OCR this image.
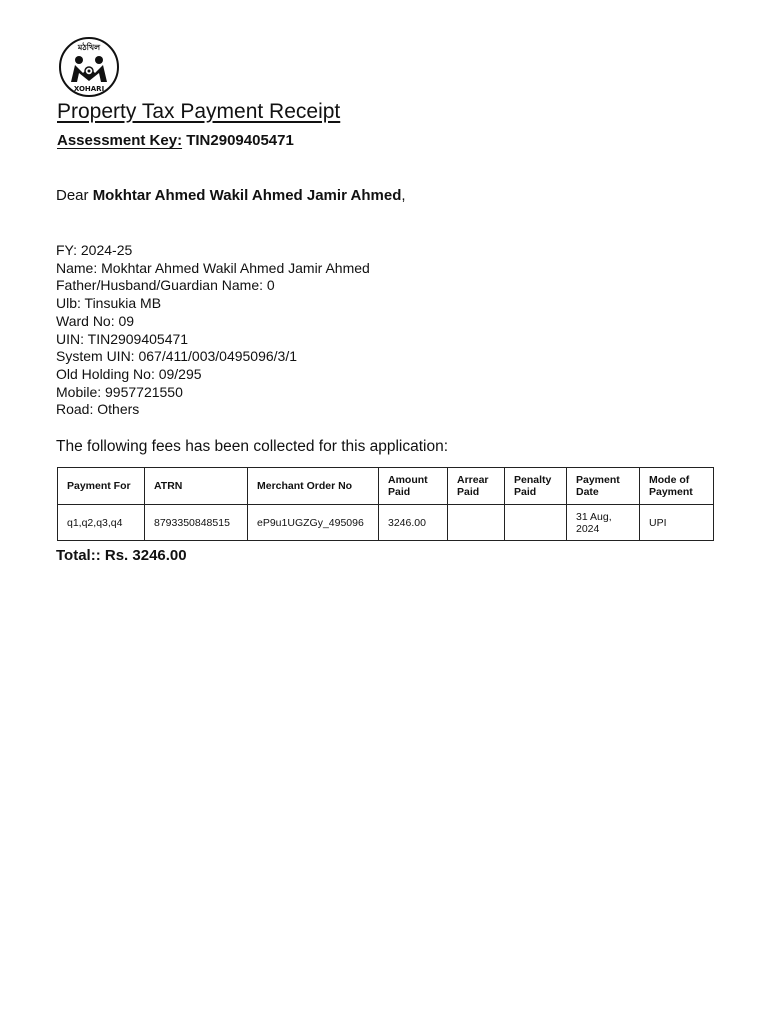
মঠখিল
XOHARI
Property Tax Payment Receipt
Assessment Key: TIN2909405471
Dear Mokhtar Ahmed Wakil Ahmed Jamir Ahmed,
FY: 2024-25
Name: Mokhtar Ahmed Wakil Ahmed Jamir Ahmed
Father/Husband/Guardian Name: 0
Ulb: Tinsukia MB
Ward No: 09
UIN: TIN2909405471
System UIN: 067/411/003/0495096/3/1
Old Holding No: 09/295
Mobile: 9957721550
Road: Others
The following fees has been collected for this application:
Payment For	ATRN	Merchant Order No	Amount Paid	Arrear Paid	Penalty Paid	Payment Date	Mode of Payment
q1,q2,q3,q4	8793350848515	eP9u1UGZGy_495096	3246.00			31 Aug, 2024	UPI
Total:: Rs. 3246.00
